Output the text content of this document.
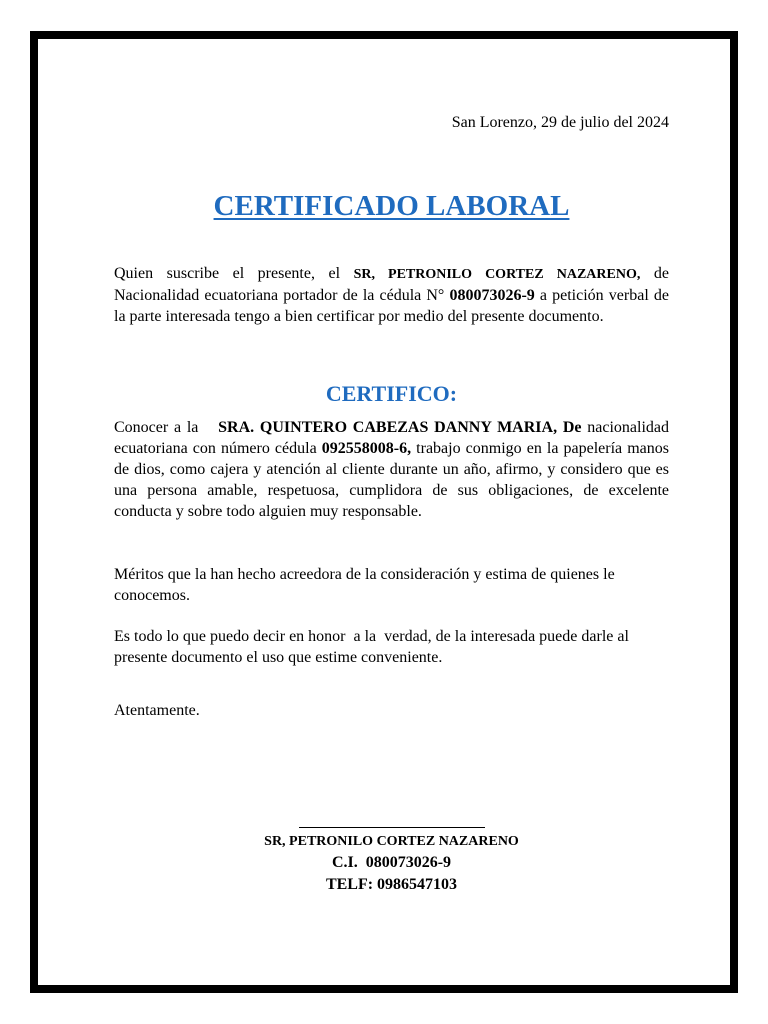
San Lorenzo, 29 de julio del 2024
CERTIFICADO LABORAL

Quien suscribe el presente, el SR, PETRONILO CORTEZ NAZARENO, de Nacionalidad ecuatoriana portador de la cédula N° 080073026-9 a petición verbal de la parte interesada tengo a bien certificar por medio del presente documento.

CERTIFICO:

Conocer a la SRA. QUINTERO CABEZAS DANNY MARIA, De nacionalidad ecuatoriana con número cédula 092558008-6, trabajo conmigo en la papelería manos de dios, como cajera y atención al cliente durante un año, afirmo, y considero que es una persona amable, respetuosa, cumplidora de sus obligaciones, de excelente conducta y sobre todo alguien muy responsable.

Méritos que la han hecho acreedora de la consideración y estima de quienes le conocemos.

Es todo lo que puedo decir en honor  a la  verdad, de la interesada puede darle al presente documento el uso que estime conveniente.

Atentamente.

SR, PETRONILO CORTEZ NAZARENO
C.I.  080073026-9
TELF: 0986547103
